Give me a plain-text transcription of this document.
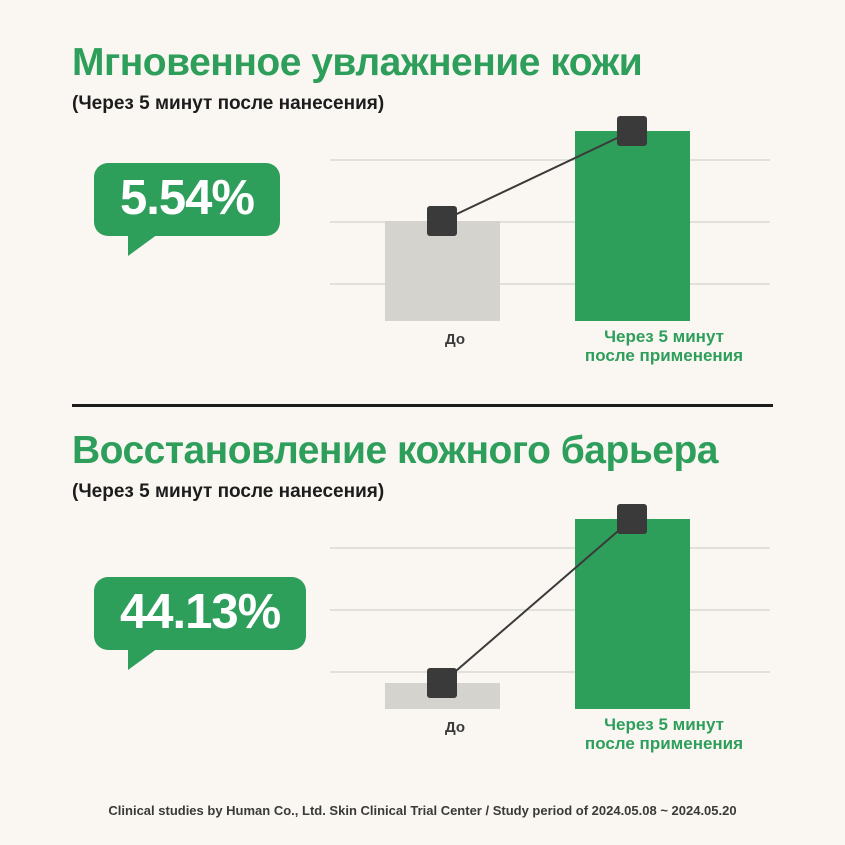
Мгновенное увлажнение кожи

(Через 5 минут после нанесения)

До	Через 5 минут
после применения
5.54%
Восстановление кожного барьера

(Через 5 минут после нанесения)

До	Через 5 минут
после применения
44.13%
Clinical studies by Human Co., Ltd. Skin Clinical Trial Center / Study period of 2024.05.08 ~ 2024.05.20
